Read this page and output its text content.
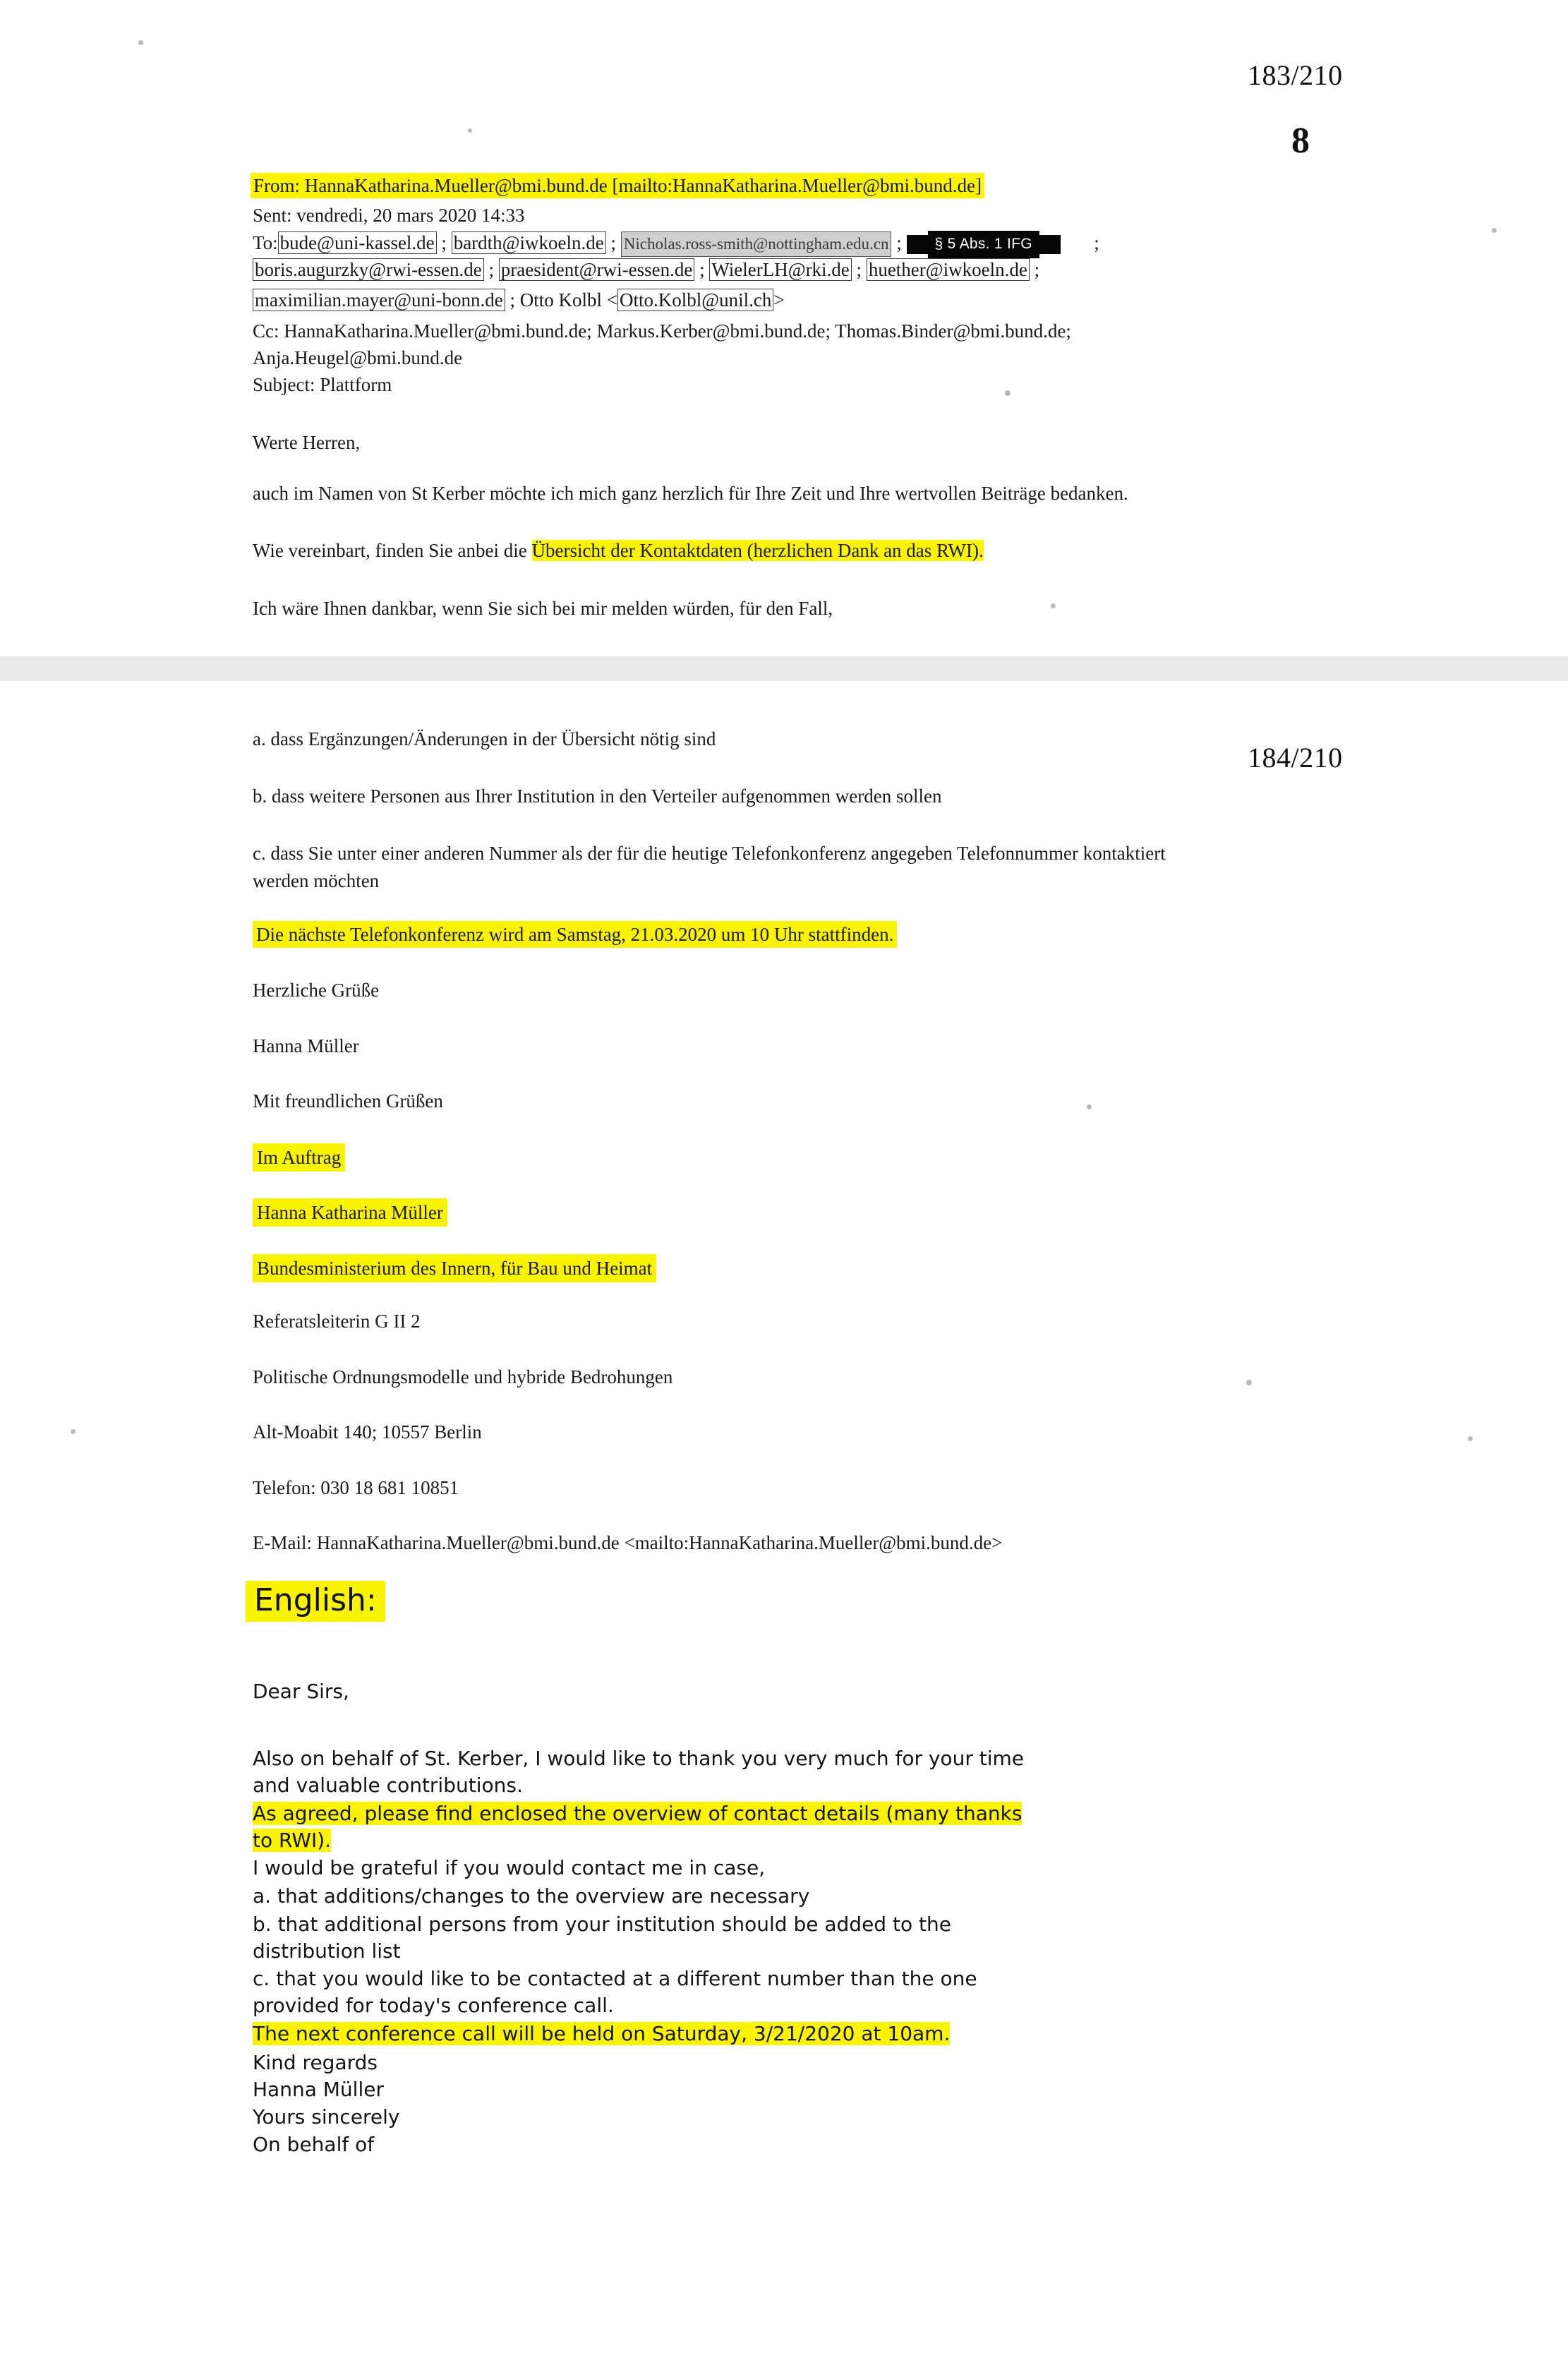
183/210
8
From: HannaKatharina.Mueller@bmi.bund.de [mailto:HannaKatharina.Mueller@bmi.bund.de]
Sent: vendredi, 20 mars 2020 14:33
To: bude@uni-kassel.de ; bardth@iwkoeln.de ; Nicholas.ross-smith@nottingham.edu.cn ; § 5 Abs. 1 IFG       ;
boris.augurzky@rwi-essen.de ; praesident@rwi-essen.de ; WielerLH@rki.de ; huether@iwkoeln.de ;
maximilian.mayer@uni-bonn.de ; Otto Kolbl < Otto.Kolbl@unil.ch >
Cc: HannaKatharina.Mueller@bmi.bund.de; Markus.Kerber@bmi.bund.de; Thomas.Binder@bmi.bund.de;
Anja.Heugel@bmi.bund.de
Subject: Plattform
Werte Herren,
auch im Namen von St Kerber möchte ich mich ganz herzlich für Ihre Zeit und Ihre wertvollen Beiträge bedanken.
Wie vereinbart, finden Sie anbei die Übersicht der Kontaktdaten (herzlichen Dank an das RWI).
Ich wäre Ihnen dankbar, wenn Sie sich bei mir melden würden, für den Fall,
184/210
a. dass Ergänzungen/Änderungen in der Übersicht nötig sind
b. dass weitere Personen aus Ihrer Institution in den Verteiler aufgenommen werden sollen
c. dass Sie unter einer anderen Nummer als der für die heutige Telefonkonferenz angegeben Telefonnummer kontaktiert
werden möchten
Die nächste Telefonkonferenz wird am Samstag, 21.03.2020 um 10 Uhr stattfinden.
Herzliche Grüße
Hanna Müller
Mit freundlichen Grüßen
Im Auftrag
Hanna Katharina Müller
Bundesministerium des Innern, für Bau und Heimat
Referatsleiterin G II 2
Politische Ordnungsmodelle und hybride Bedrohungen
Alt-Moabit 140; 10557 Berlin
Telefon: 030 18 681 10851
E-Mail: HannaKatharina.Mueller@bmi.bund.de <mailto:HannaKatharina.Mueller@bmi.bund.de>
English:
Dear Sirs,
Also on behalf of St. Kerber, I would like to thank you very much for your time
and valuable contributions.
As agreed, please find enclosed the overview of contact details (many thanks
to RWI).
I would be grateful if you would contact me in case,
a. that additions/changes to the overview are necessary
b. that additional persons from your institution should be added to the
distribution list
c. that you would like to be contacted at a different number than the one
provided for today's conference call.
The next conference call will be held on Saturday, 3/21/2020 at 10am.
Kind regards
Hanna Müller
Yours sincerely
On behalf of
